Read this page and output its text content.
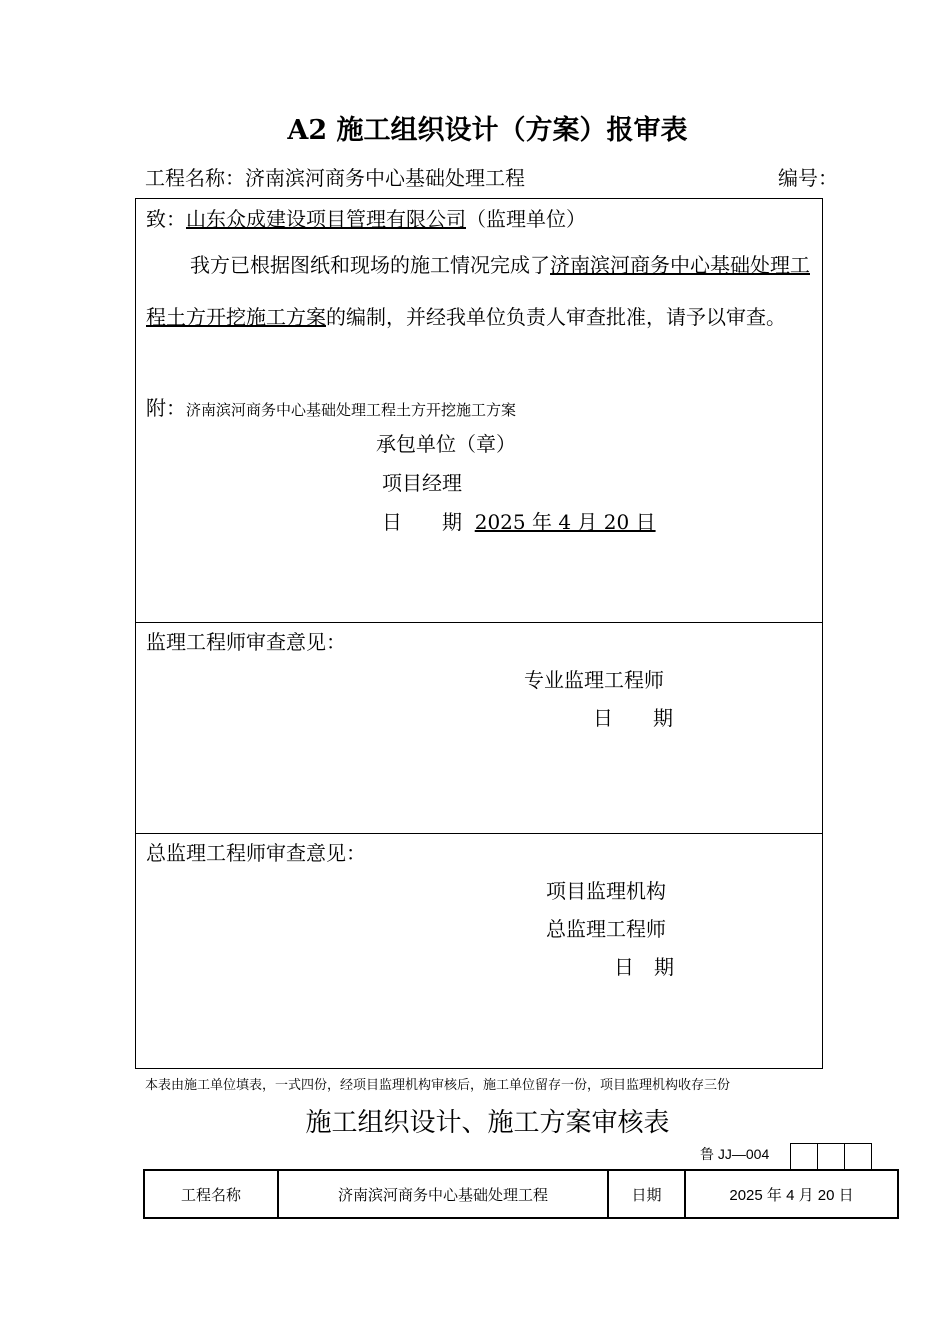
A2 施工组织设计（方案）报审表
工程名称：济南滨河商务中心基础处理工程	编号：
致：山东众成建设项目管理有限公司（监理单位）
我方已根据图纸和现场的施工情况完成了济南滨河商务中心基础处理工程土方开挖施工方案的编制，并经我单位负责人审查批准，请予以审查。
附：济南滨河商务中心基础处理工程土方开挖施工方案
承包单位（章）
项目经理
日　　期 2025 年 4 月 20 日
监理工程师审查意见：
专业监理工程师
日　　期
总监理工程师审查意见：
项目监理机构
总监理工程师
日　期
本表由施工单位填表，一式四份，经项目监理机构审核后，施工单位留存一份，项目监理机构收存三份
施工组织设计、施工方案审核表
鲁 JJ—004
工程名称	济南滨河商务中心基础处理工程	日期	2025 年 4 月 20 日
